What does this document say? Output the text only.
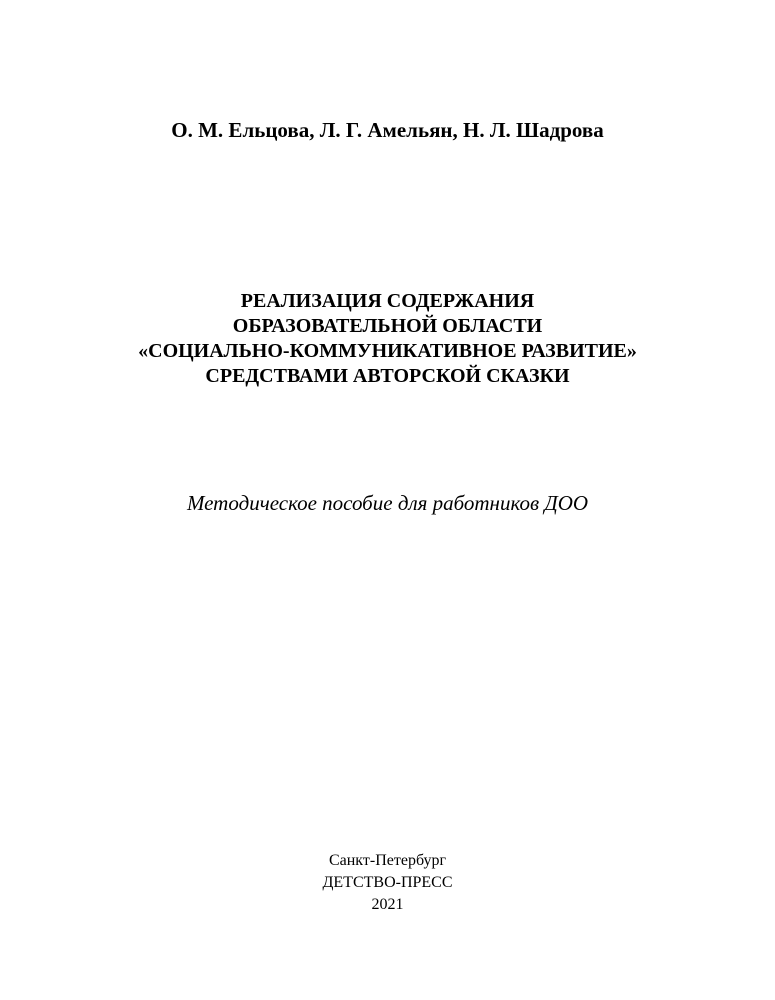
О. М. Ельцова, Л. Г. Амельян, Н. Л. Шадрова
РЕАЛИЗАЦИЯ СОДЕРЖАНИЯ
ОБРАЗОВАТЕЛЬНОЙ ОБЛАСТИ
«СОЦИАЛЬНО-КОММУНИКАТИВНОЕ РАЗВИТИЕ»
СРЕДСТВАМИ АВТОРСКОЙ СКАЗКИ
Методическое пособие для работников ДОО
Санкт-Петербург
ДЕТСТВО-ПРЕСС
2021
